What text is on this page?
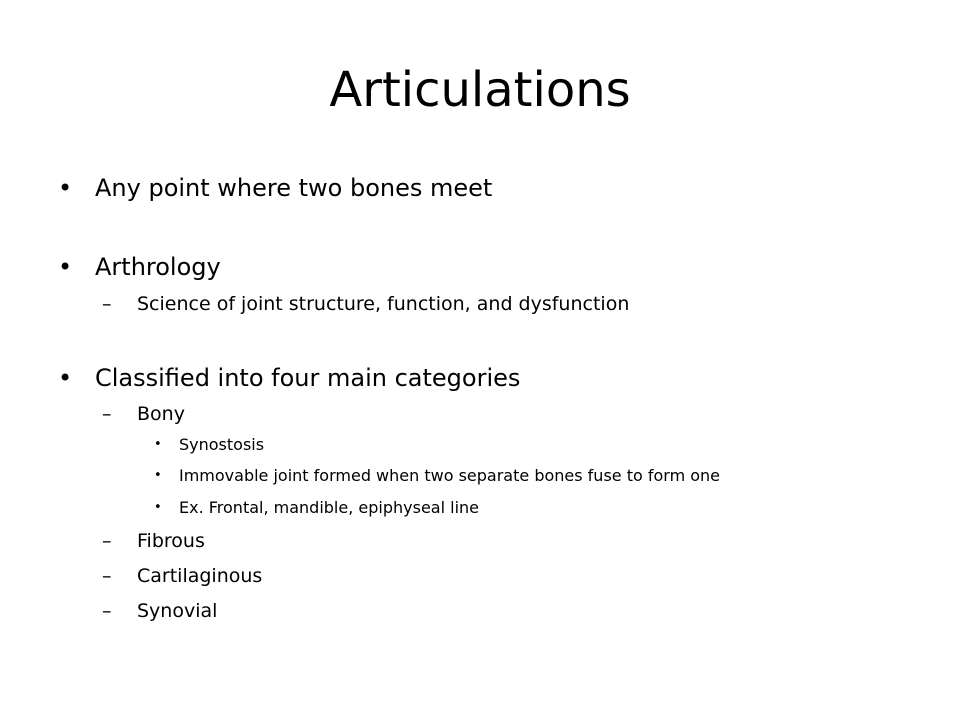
Articulations
• Any point where two bones meet
• Arthrology
– Science of joint structure, function, and dysfunction
• Classified into four main categories
– Bony
• Synostosis
• Immovable joint formed when two separate bones fuse to form one
• Ex. Frontal, mandible, epiphyseal line
– Fibrous
– Cartilaginous
– Synovial
